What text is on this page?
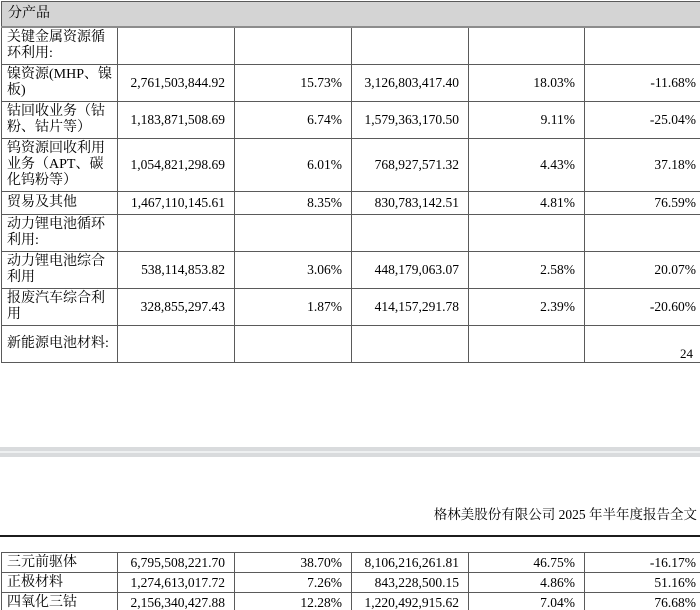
分产品					
关键金属资源循环利用:					
镍资源(MHP、镍板)	2,761,503,844.92	15.73%	3,126,803,417.40	18.03%	-11.68%
钴回收业务（钴粉、钴片等）	1,183,871,508.69	6.74%	1,579,363,170.50	9.11%	-25.04%
钨资源回收利用业务（APT、碳化钨粉等）	1,054,821,298.69	6.01%	768,927,571.32	4.43%	37.18%
贸易及其他	1,467,110,145.61	8.35%	830,783,142.51	4.81%	76.59%
动力锂电池循环利用:					
动力锂电池综合利用	538,114,853.82	3.06%	448,179,063.07	2.58%	20.07%
报废汽车综合利用	328,855,297.43	1.87%	414,157,291.78	2.39%	-20.60%
新能源电池材料:					
24
格林美股份有限公司 2025 年半年度报告全文
三元前驱体	6,795,508,221.70	38.70%	8,106,216,261.81	46.75%	-16.17%
正极材料	1,274,613,017.72	7.26%	843,228,500.15	4.86%	51.16%
四氧化三钴	2,156,340,427.88	12.28%	1,220,492,915.62	7.04%	76.68%
